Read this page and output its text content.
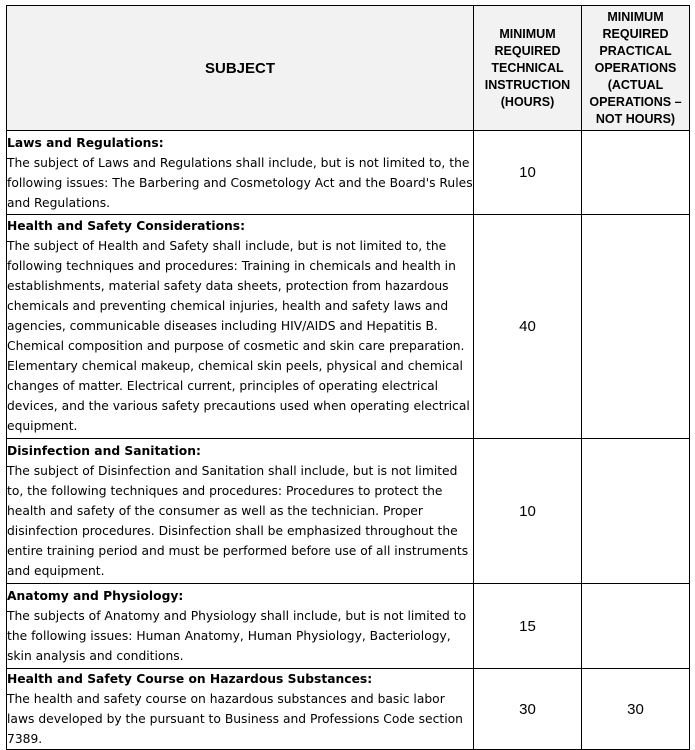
SUBJECT	MINIMUM REQUIRED TECHNICAL INSTRUCTION (HOURS)	MINIMUM REQUIRED PRACTICAL OPERATIONS (ACTUAL OPERATIONS – NOT HOURS)

Laws and Regulations:
The subject of Laws and Regulations shall include, but is not limited to, the following issues: The Barbering and Cosmetology Act and the Board's Rules and Regulations.	10	

Health and Safety Considerations:
The subject of Health and Safety shall include, but is not limited to, the following techniques and procedures: Training in chemicals and health in establishments, material safety data sheets, protection from hazardous chemicals and preventing chemical injuries, health and safety laws and agencies, communicable diseases including HIV/AIDS and Hepatitis B. Chemical composition and purpose of cosmetic and skin care preparation. Elementary chemical makeup, chemical skin peels, physical and chemical changes of matter. Electrical current, principles of operating electrical devices, and the various safety precautions used when operating electrical equipment.	40	

Disinfection and Sanitation:
The subject of Disinfection and Sanitation shall include, but is not limited to, the following techniques and procedures: Procedures to protect the health and safety of the consumer as well as the technician. Proper disinfection procedures. Disinfection shall be emphasized throughout the entire training period and must be performed before use of all instruments and equipment.	10	

Anatomy and Physiology:
The subjects of Anatomy and Physiology shall include, but is not limited to the following issues: Human Anatomy, Human Physiology, Bacteriology, skin analysis and conditions.	15	

Health and Safety Course on Hazardous Substances:
The health and safety course on hazardous substances and basic labor laws developed by the pursuant to Business and Professions Code section 7389.	30	30
